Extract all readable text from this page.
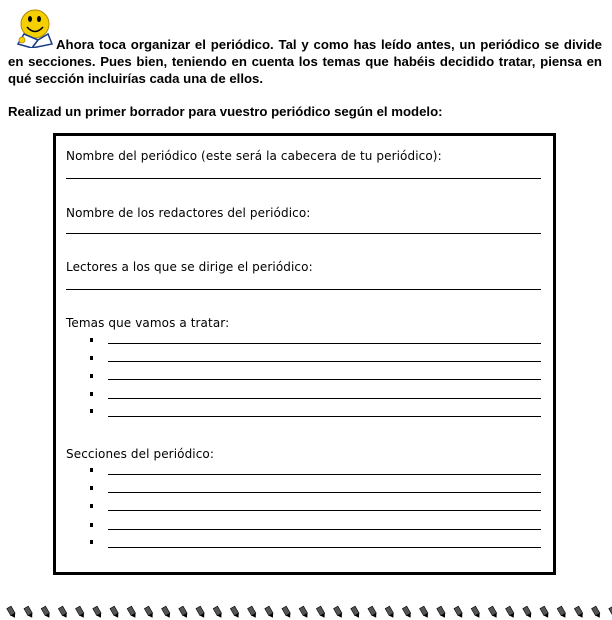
Ahora toca organizar el periódico. Tal y como has leído antes, un periódico se divide en secciones. Pues bien, teniendo en cuenta los temas que habéis decidido tratar, piensa en qué sección incluirías cada una de ellos.
Realizad un primer borrador para vuestro periódico según el modelo:
Nombre del periódico (este será la cabecera de tu periódico):
Nombre de los redactores del periódico:
Lectores a los que se dirige el periódico:
Temas que vamos a tratar:
Secciones del periódico:
